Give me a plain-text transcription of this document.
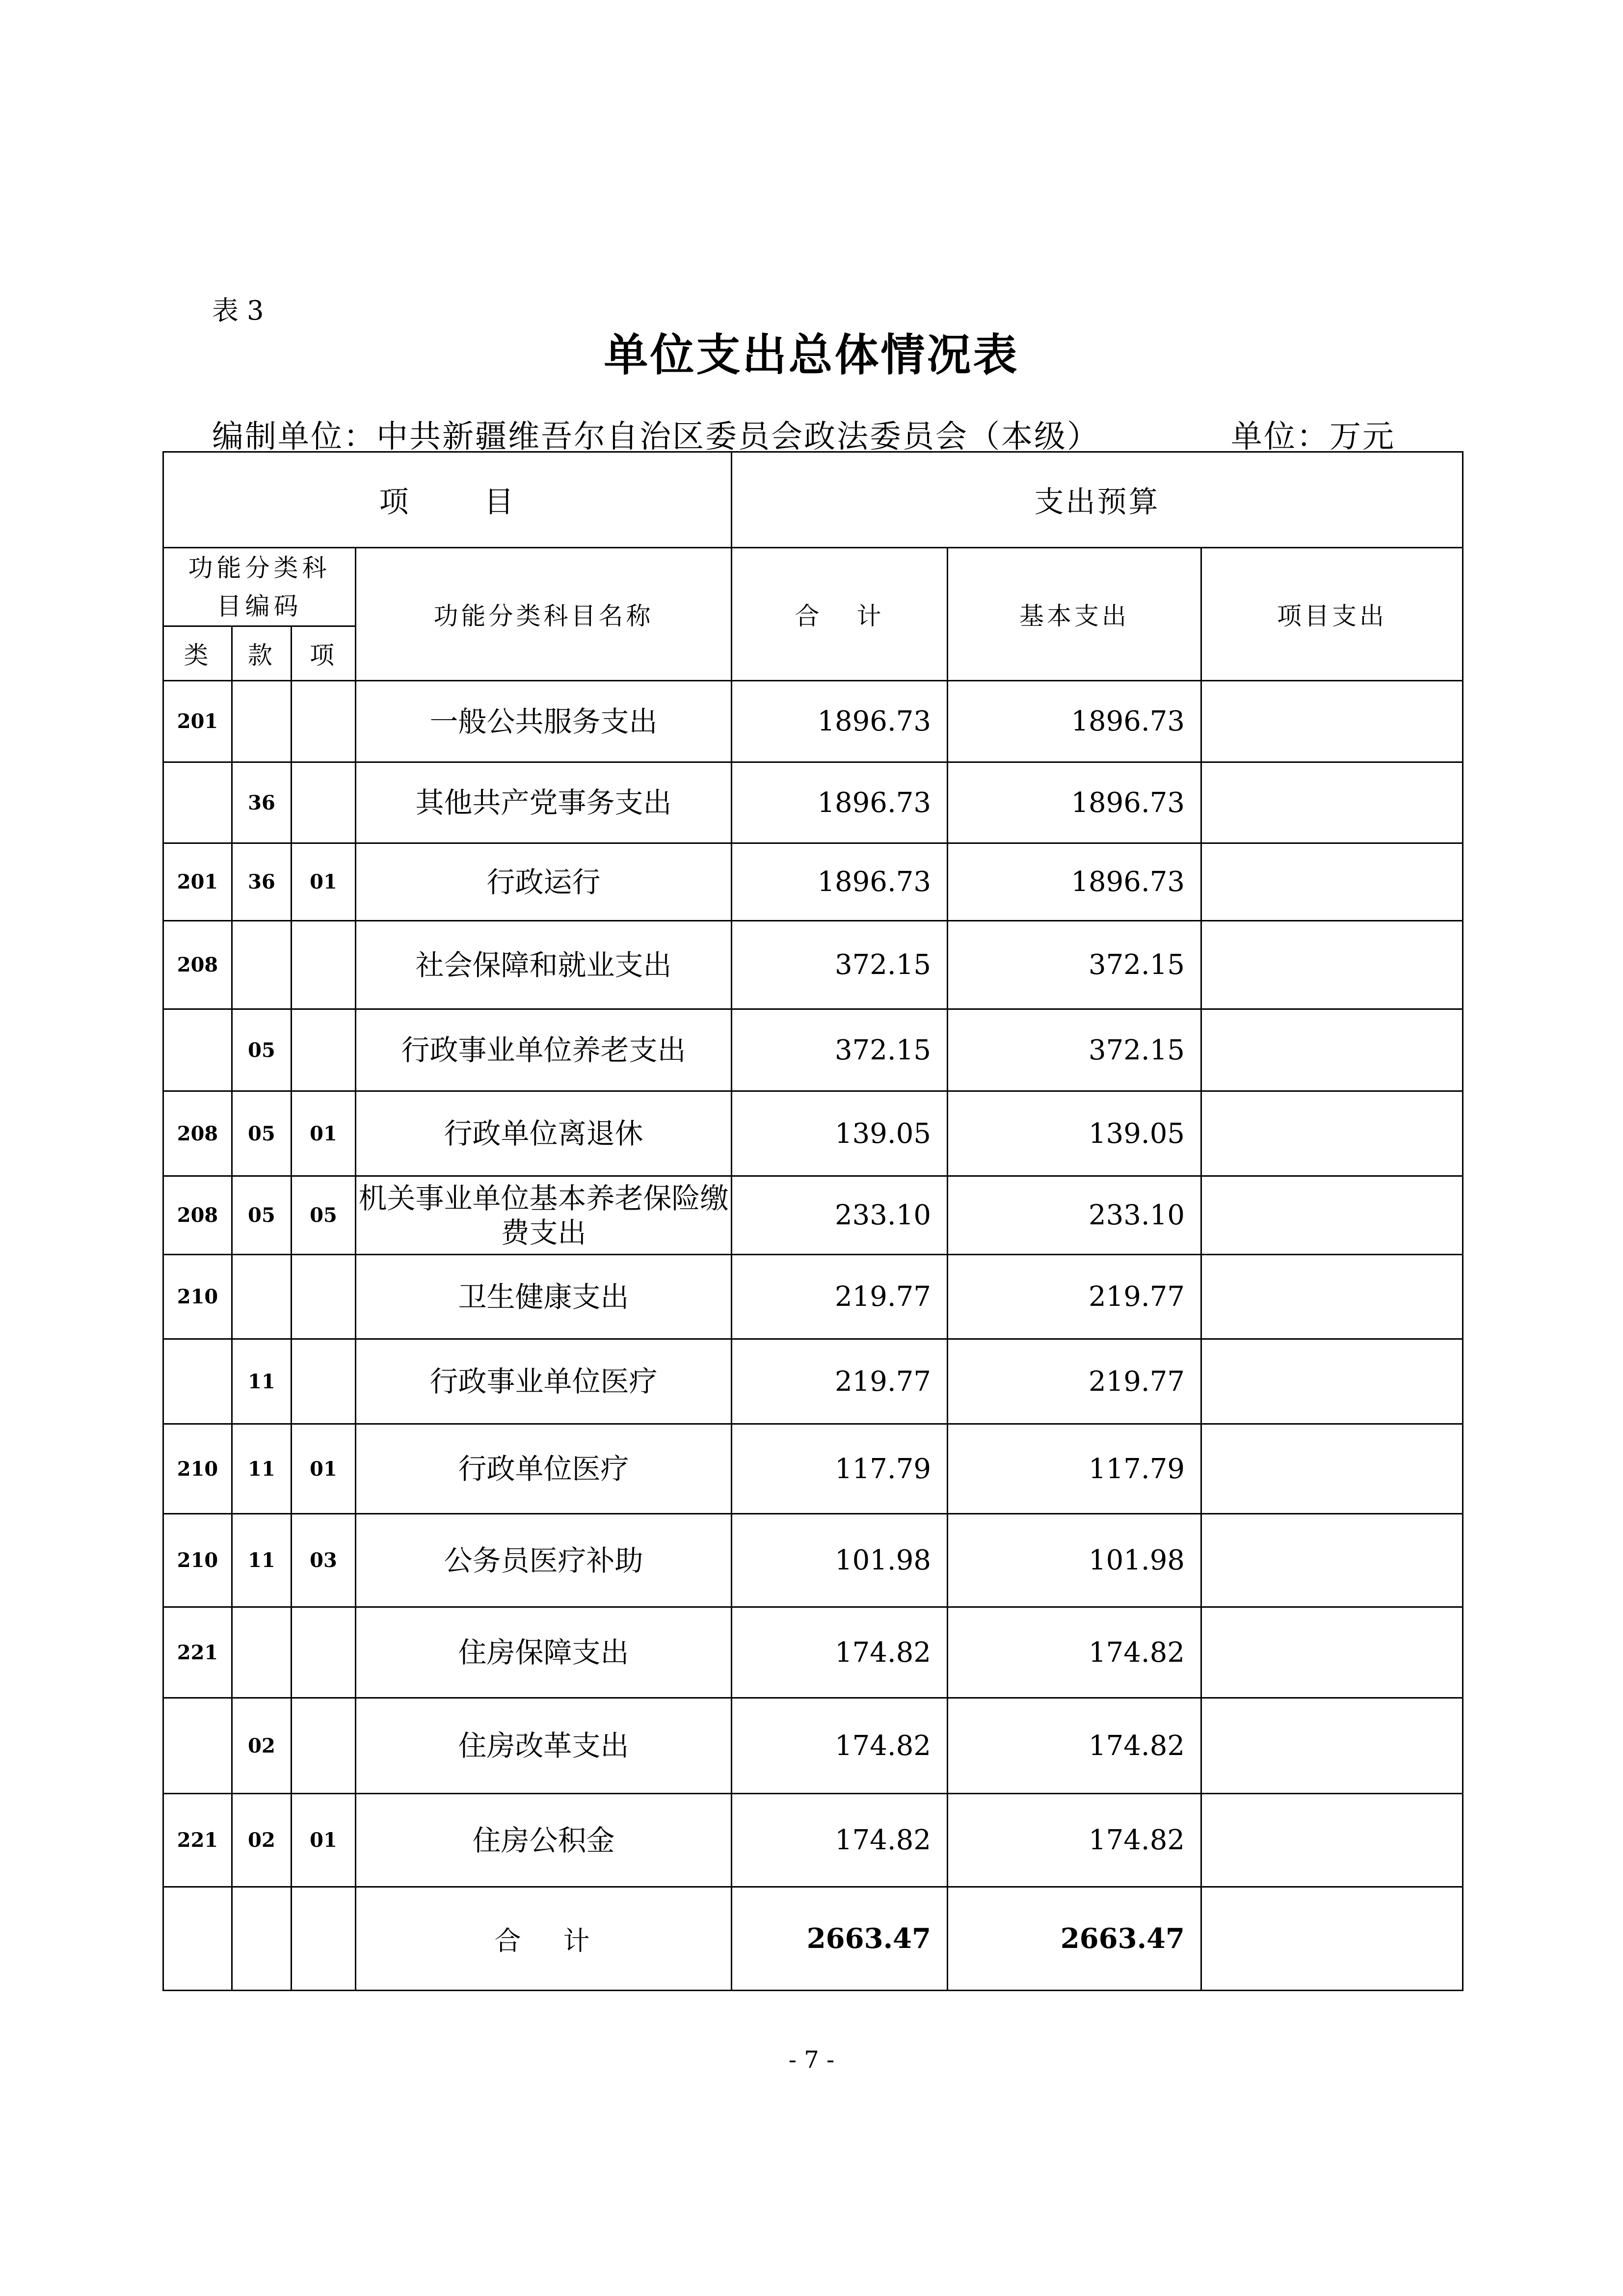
表 3
单位支出总体情况表
编制单位：中共新疆维吾尔自治区委员会政法委员会（本级）	单位：万元
项 目				支出预算		
功能分类科目编码			功能分类科目名称	合 计	基本支出	项目支出
类	款	项				
201			一般公共服务支出	1896.73	1896.73	
	36		其他共产党事务支出	1896.73	1896.73	
201	36	01	行政运行	1896.73	1896.73	
208			社会保障和就业支出	372.15	372.15	
	05		行政事业单位养老支出	372.15	372.15	
208	05	01	行政单位离退休	139.05	139.05	
208	05	05	机关事业单位基本养老保险缴费支出	233.10	233.10	
210			卫生健康支出	219.77	219.77	
	11		行政事业单位医疗	219.77	219.77	
210	11	01	行政单位医疗	117.79	117.79	
210	11	03	公务员医疗补助	101.98	101.98	
221			住房保障支出	174.82	174.82	
	02		住房改革支出	174.82	174.82	
221	02	01	住房公积金	174.82	174.82	
			合 计	2663.47	2663.47	
- 7 -
